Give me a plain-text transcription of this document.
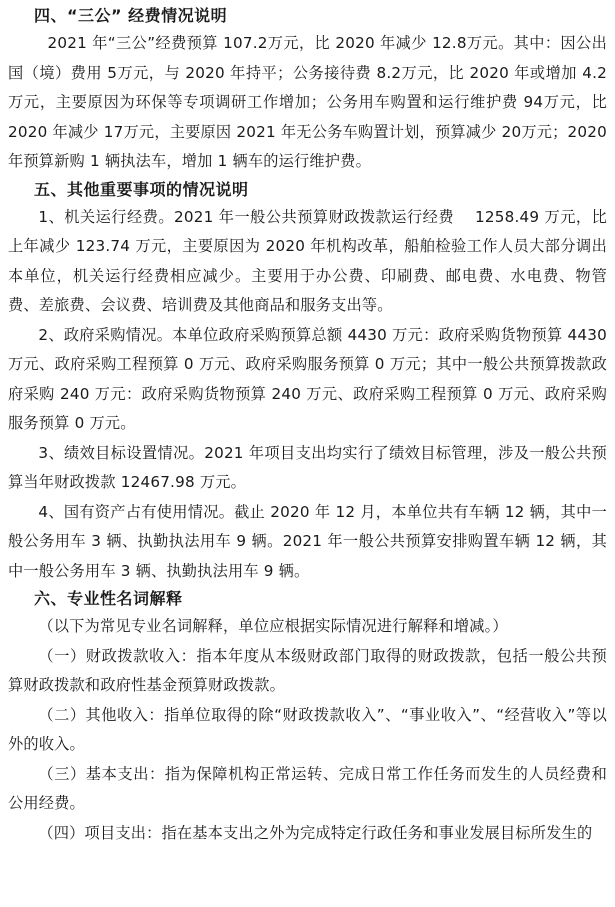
四、“三公” 经费情况说明

2021 年“三公”经费预算 107.2万元，比 2020 年减少 12.8万元。其中：因公出国（境）费用 5万元，与 2020 年持平；公务接待费 8.2万元，比 2020 年或增加 4.2万元，主要原因为环保等专项调研工作增加；公务用车购置和运行维护费 94万元，比2020 年减少 17万元，主要原因 2021 年无公务车购置计划，预算减少 20万元；2020 年预算新购 1 辆执法车，增加 1 辆车的运行维护费。

五、其他重要事项的情况说明

1、机关运行经费。2021 年一般公共预算财政拨款运行经费　 1258.49 万元，比上年减少 123.74 万元，主要原因为 2020 年机构改革，船舶检验工作人员大部分调出本单位，机关运行经费相应减少。主要用于办公费、印刷费、邮电费、水电费、物管费、差旅费、会议费、培训费及其他商品和服务支出等。

2、政府采购情况。本单位政府采购预算总额 4430 万元：政府采购货物预算 4430 万元、政府采购工程预算 0 万元、政府采购服务预算 0 万元；其中一般公共预算拨款政府采购 240 万元：政府采购货物预算 240 万元、政府采购工程预算 0 万元、政府采购服务预算 0 万元。

3、绩效目标设置情况。2021 年项目支出均实行了绩效目标管理，涉及一般公共预算当年财政拨款 12467.98 万元。

4、国有资产占有使用情况。截止 2020 年 12 月，本单位共有车辆 12 辆，其中一般公务用车 3 辆、执勤执法用车 9 辆。2021 年一般公共预算安排购置车辆 12 辆，其中一般公务用车 3 辆、执勤执法用车 9 辆。

六、专业性名词解释

（以下为常见专业名词解释，单位应根据实际情况进行解释和增减。）

（一）财政拨款收入：指本年度从本级财政部门取得的财政拨款，包括一般公共预算财政拨款和政府性基金预算财政拨款。

（二）其他收入：指单位取得的除“财政拨款收入”、“事业收入”、“经营收入”等以外的收入。

（三）基本支出：指为保障机构正常运转、完成日常工作任务而发生的人员经费和公用经费。

（四）项目支出：指在基本支出之外为完成特定行政任务和事业发展目标所发生的
